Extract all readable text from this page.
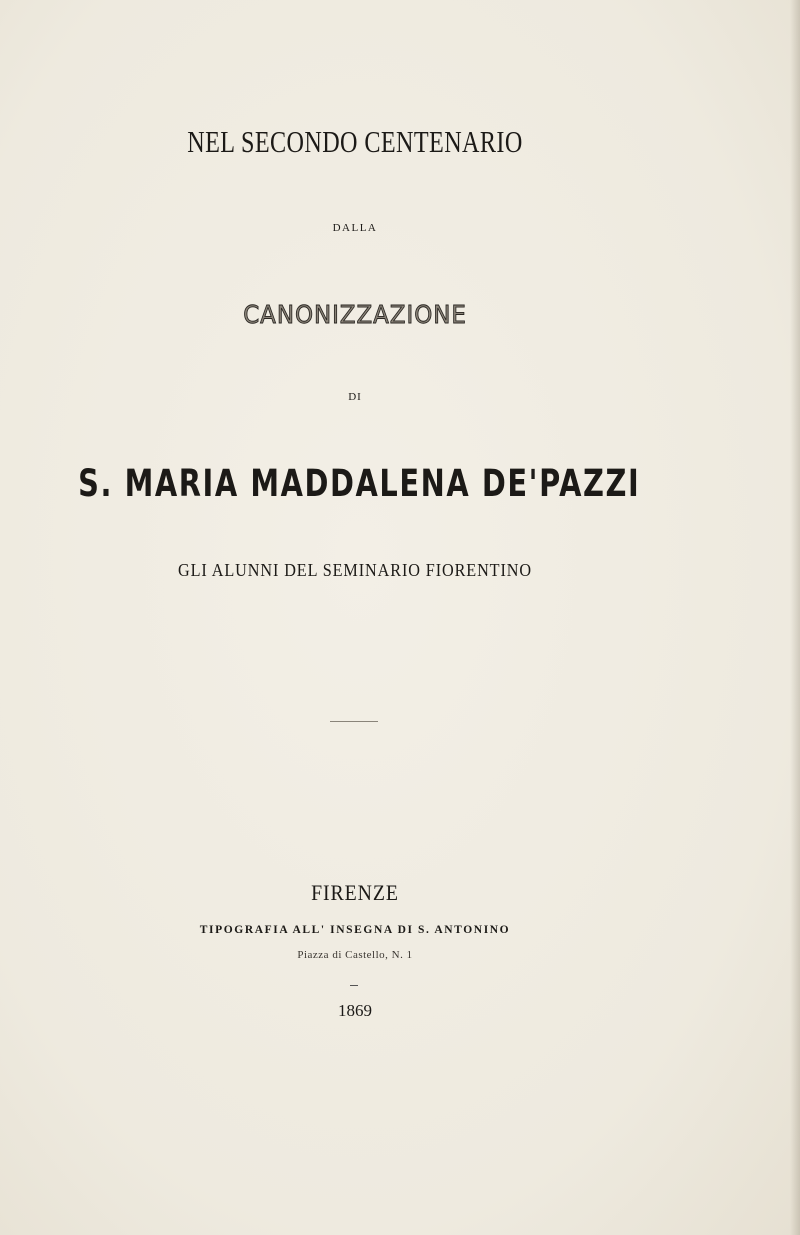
NEL SECONDO CENTENARIO
DALLA
CANONIZZAZIONE
DI
S. MARIA MADDALENA DE'PAZZI
GLI ALUNNI DEL SEMINARIO FIORENTINO
FIRENZE
TIPOGRAFIA ALL' INSEGNA DI S. ANTONINO
Piazza di Castello, N. 1
1869
